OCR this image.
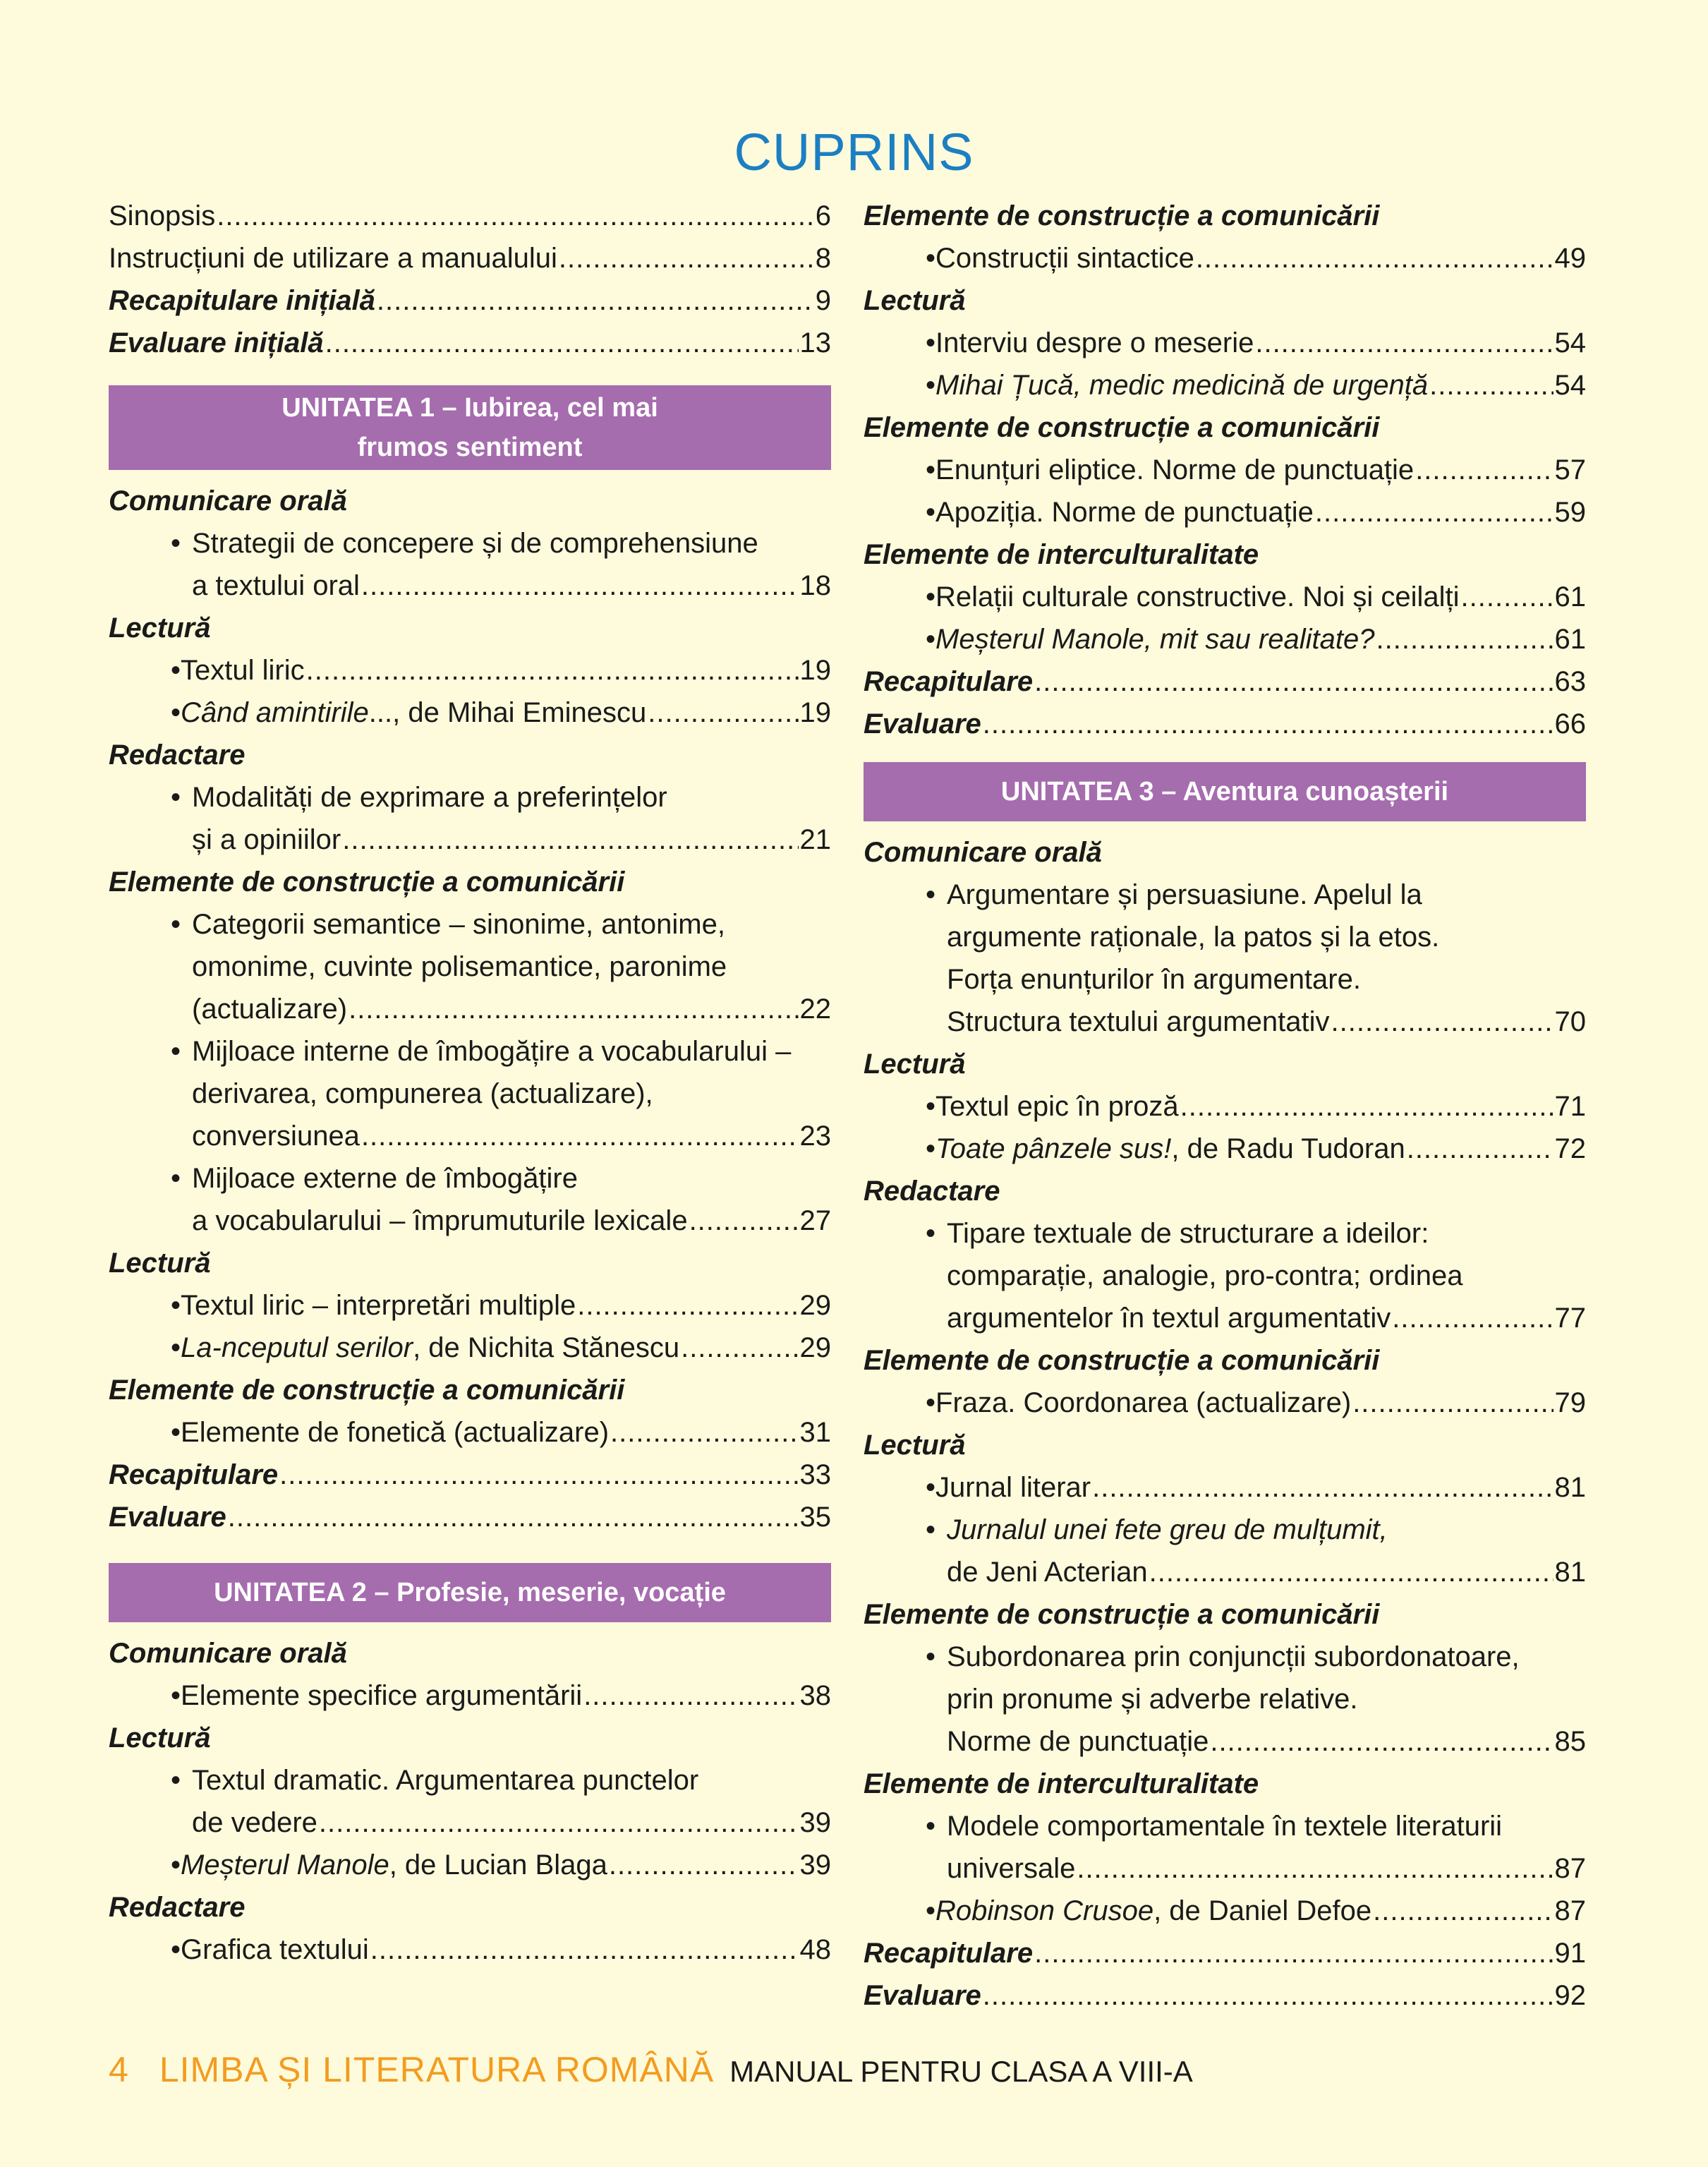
CUPRINS
Sinopsis .....	6
Instrucțiuni de utilizare a manualului .....	8
Recapitulare inițială .....	9
Evaluare inițială .....	13
UNITATEA 1 – Iubirea, cel mai
frumos sentiment
Comunicare orală
• Strategii de concepere și de comprehensiune
a textului oral .....	18
Lectură
• Textul liric .....	19
• Când amintirile..., de Mihai Eminescu .....	19
Redactare
• Modalități de exprimare a preferințelor
și a opiniilor .....	21
Elemente de construcție a comunicării
• Categorii semantice – sinonime, antonime,
omonime, cuvinte polisemantice, paronime
(actualizare) .....	22
• Mijloace interne de îmbogățire a vocabularului –
derivarea, compunerea (actualizare),
conversiunea .....	23
• Mijloace externe de îmbogățire
a vocabularului – împrumuturile lexicale .....	27
Lectură
• Textul liric – interpretări multiple .....	29
• La-nceputul serilor, de Nichita Stănescu .....	29
Elemente de construcție a comunicării
• Elemente de fonetică (actualizare) .....	31
Recapitulare .....	33
Evaluare .....	35
UNITATEA 2 – Profesie, meserie, vocație
Comunicare orală
• Elemente specifice argumentării .....	38
Lectură
• Textul dramatic. Argumentarea punctelor
de vedere .....	39
• Meșterul Manole, de Lucian Blaga .....	39
Redactare
• Grafica textului .....	48
Elemente de construcție a comunicării
• Construcții sintactice .....	49
Lectură
• Interviu despre o meserie .....	54
• Mihai Țucă, medic medicină de urgență .....	54
Elemente de construcție a comunicării
• Enunțuri eliptice. Norme de punctuație .....	57
• Apoziția. Norme de punctuație .....	59
Elemente de interculturalitate
• Relații culturale constructive. Noi și ceilalți .....	61
• Meșterul Manole, mit sau realitate? .....	61
Recapitulare .....	63
Evaluare .....	66
UNITATEA 3 – Aventura cunoașterii
Comunicare orală
• Argumentare și persuasiune. Apelul la
argumente raționale, la patos și la etos.
Forța enunțurilor în argumentare.
Structura textului argumentativ .....	70
Lectură
• Textul epic în proză .....	71
• Toate pânzele sus!, de Radu Tudoran .....	72
Redactare
• Tipare textuale de structurare a ideilor:
comparație, analogie, pro-contra; ordinea
argumentelor în textul argumentativ .....	77
Elemente de construcție a comunicării
• Fraza. Coordonarea (actualizare) .....	79
Lectură
• Jurnal literar .....	81
• Jurnalul unei fete greu de mulțumit,
de Jeni Acterian .....	81
Elemente de construcție a comunicării
• Subordonarea prin conjuncții subordonatoare,
prin pronume și adverbe relative.
Norme de punctuație .....	85
Elemente de interculturalitate
• Modele comportamentale în textele literaturii
universale .....	87
• Robinson Crusoe, de Daniel Defoe .....	87
Recapitulare .....	91
Evaluare .....	92
4 LIMBA ȘI LITERATURA ROMÂNĂ MANUAL PENTRU CLASA A VIII-A
